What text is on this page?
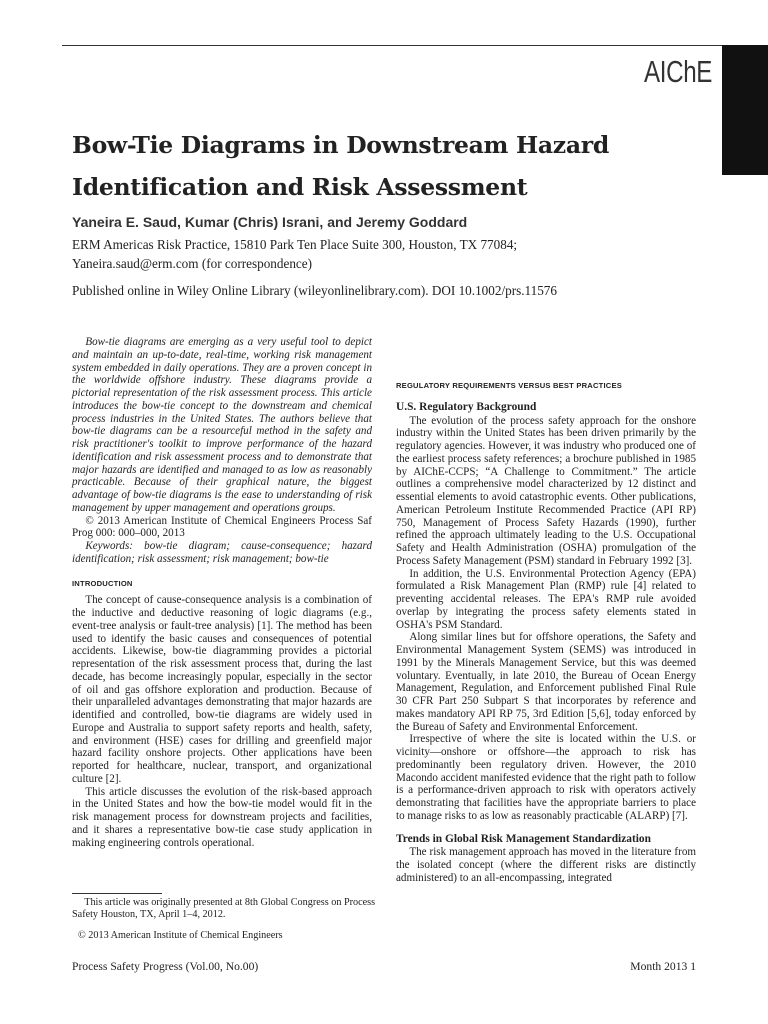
AIChE
Bow-Tie Diagrams in Downstream Hazard Identification and Risk Assessment
Yaneira E. Saud, Kumar (Chris) Israni, and Jeremy Goddard
ERM Americas Risk Practice, 15810 Park Ten Place Suite 300, Houston, TX 77084;
Yaneira.saud@erm.com (for correspondence)
Published online in Wiley Online Library (wileyonlinelibrary.com). DOI 10.1002/prs.11576

Bow-tie diagrams are emerging as a very useful tool to depict and maintain an up-to-date, real-time, working risk management system embedded in daily operations. They are a proven concept in the worldwide offshore industry. These diagrams provide a pictorial representation of the risk assessment process. This article introduces the bow-tie concept to the downstream and chemical process industries in the United States. The authors believe that bow-tie diagrams can be a resourceful method in the safety and risk practitioner's toolkit to improve performance of the hazard identification and risk assessment process and to demonstrate that major hazards are identified and managed to as low as reasonably practicable. Because of their graphical nature, the biggest advantage of bow-tie diagrams is the ease to understanding of risk management by upper management and operations groups.

© 2013 American Institute of Chemical Engineers Process Saf Prog 000: 000–000, 2013

Keywords: bow-tie diagram; cause-consequence; hazard identification; risk assessment; risk management; bow-tie

INTRODUCTION

The concept of cause-consequence analysis is a combination of the inductive and deductive reasoning of logic diagrams (e.g., event-tree analysis or fault-tree analysis) [1]. The method has been used to identify the basic causes and consequences of potential accidents. Likewise, bow-tie diagramming provides a pictorial representation of the risk assessment process that, during the last decade, has become increasingly popular, especially in the sector of oil and gas offshore exploration and production. Because of their unparalleled advantages demonstrating that major hazards are identified and controlled, bow-tie diagrams are widely used in Europe and Australia to support safety reports and health, safety, and environment (HSE) cases for drilling and greenfield major hazard facility onshore projects. Other applications have been reported for healthcare, nuclear, transport, and organizational culture [2].

This article discusses the evolution of the risk-based approach in the United States and how the bow-tie model would fit in the risk management process for downstream projects and facilities, and it shares a representative bow-tie case study application in making engineering controls operational.

REGULATORY REQUIREMENTS VERSUS BEST PRACTICES
U.S. Regulatory Background

The evolution of the process safety approach for the onshore industry within the United States has been driven primarily by the regulatory agencies. However, it was industry who produced one of the earliest process safety references; a brochure published in 1985 by AIChE-CCPS; “A Challenge to Commitment.” The article outlines a comprehensive model characterized by 12 distinct and essential elements to avoid catastrophic events. Other publications, American Petroleum Institute Recommended Practice (API RP) 750, Management of Process Safety Hazards (1990), further refined the approach ultimately leading to the U.S. Occupational Safety and Health Administration (OSHA) promulgation of the Process Safety Management (PSM) standard in February 1992 [3].

In addition, the U.S. Environmental Protection Agency (EPA) formulated a Risk Management Plan (RMP) rule [4] related to preventing accidental releases. The EPA's RMP rule avoided overlap by integrating the process safety elements stated in OSHA's PSM Standard.

Along similar lines but for offshore operations, the Safety and Environmental Management System (SEMS) was introduced in 1991 by the Minerals Management Service, but this was deemed voluntary. Eventually, in late 2010, the Bureau of Ocean Energy Management, Regulation, and Enforcement published Final Rule 30 CFR Part 250 Subpart S that incorporates by reference and makes mandatory API RP 75, 3rd Edition [5,6], today enforced by the Bureau of Safety and Environmental Enforcement.

Irrespective of where the site is located within the U.S. or vicinity—onshore or offshore—the approach to risk has predominantly been regulatory driven. However, the 2010 Macondo accident manifested evidence that the right path to follow is a performance-driven approach to risk with operators actively demonstrating that facilities have the appropriate barriers to place to manage risks to as low as reasonably practicable (ALARP) [7].

Trends in Global Risk Management Standardization

The risk management approach has moved in the literature from the isolated concept (where the different risks are distinctly administered) to an all-encompassing, integrated

This article was originally presented at 8th Global Congress on Process Safety Houston, TX, April 1–4, 2012.

© 2013 American Institute of Chemical Engineers
Process Safety Progress (Vol.00, No.00)	Month 2013 1
